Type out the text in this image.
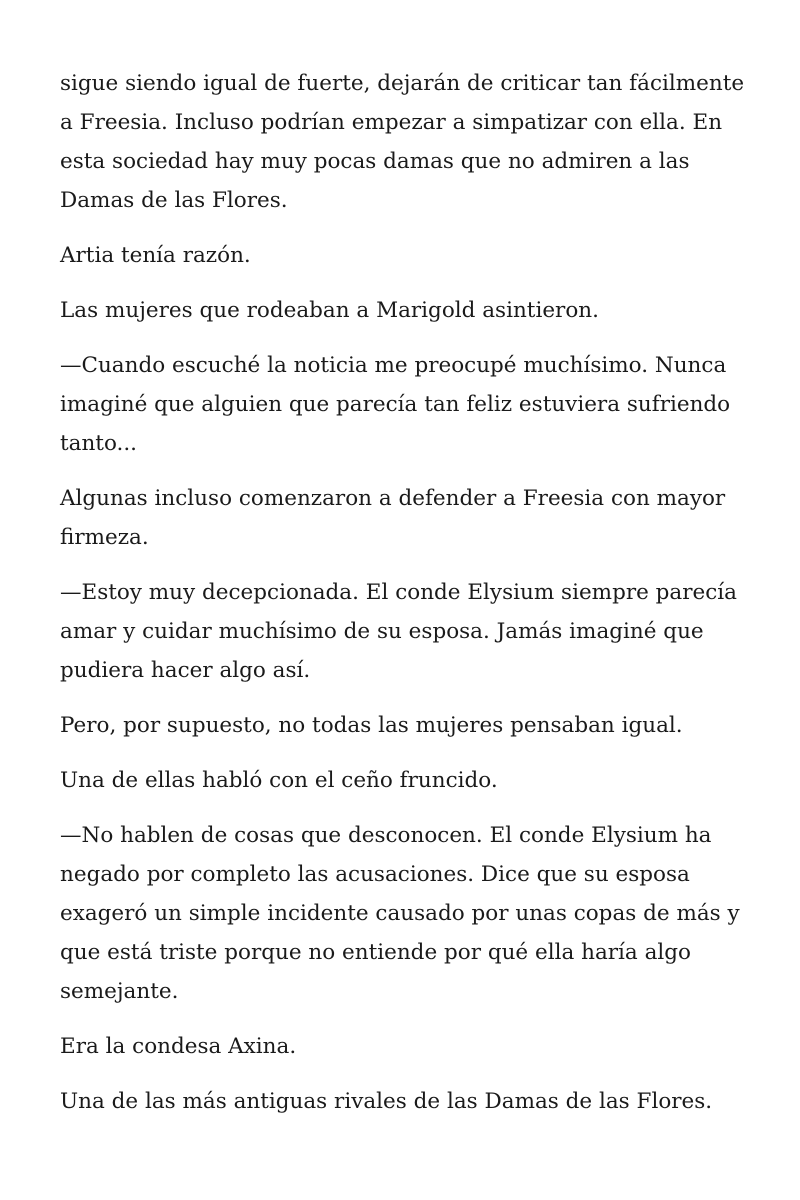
sigue siendo igual de fuerte, dejarán de criticar tan fácilmente a Freesia. Incluso podrían empezar a simpatizar con ella. En esta sociedad hay muy pocas damas que no admiren a las Damas de las Flores.

Artia tenía razón.

Las mujeres que rodeaban a Marigold asintieron.

—Cuando escuché la noticia me preocupé muchísimo. Nunca imaginé que alguien que parecía tan feliz estuviera sufriendo tanto...

Algunas incluso comenzaron a defender a Freesia con mayor firmeza.

—Estoy muy decepcionada. El conde Elysium siempre parecía amar y cuidar muchísimo de su esposa. Jamás imaginé que pudiera hacer algo así.

Pero, por supuesto, no todas las mujeres pensaban igual.

Una de ellas habló con el ceño fruncido.

—No hablen de cosas que desconocen. El conde Elysium ha negado por completo las acusaciones. Dice que su esposa exageró un simple incidente causado por unas copas de más y que está triste porque no entiende por qué ella haría algo semejante.

Era la condesa Axina.

Una de las más antiguas rivales de las Damas de las Flores.
